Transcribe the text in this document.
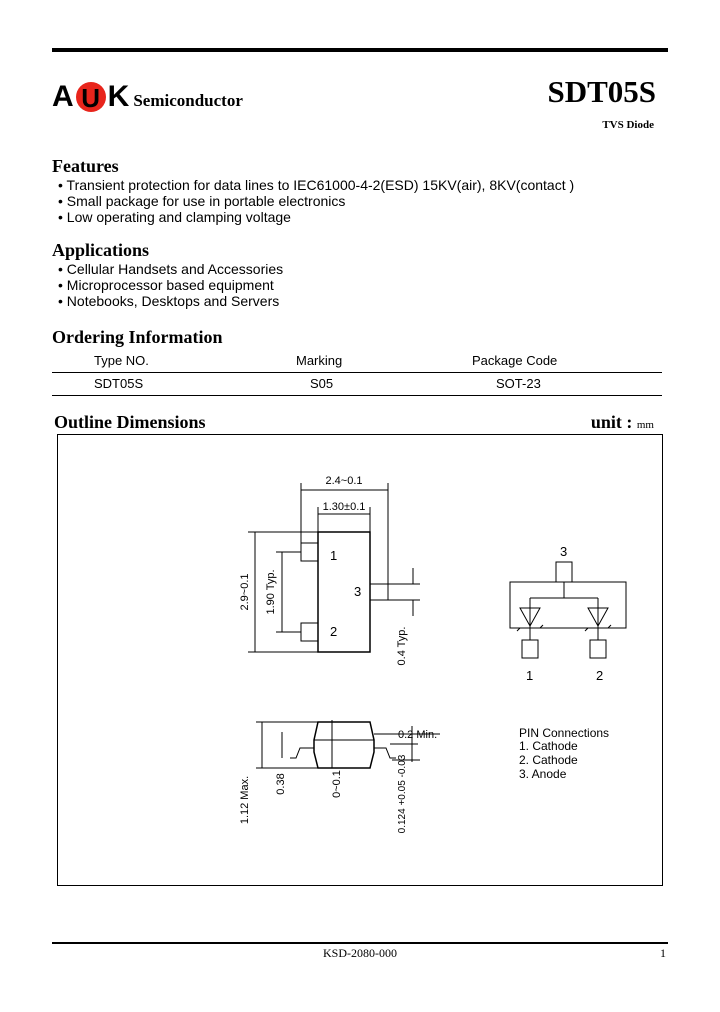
A U K Semiconductor	SDT05S
TVS Diode
Features
• Transient protection for data lines to IEC61000-4-2(ESD) 15KV(air), 8KV(contact )
• Small package for use in portable electronics
• Low operating and clamping voltage
Applications
• Cellular Handsets and Accessories
• Microprocessor based equipment
• Notebooks, Desktops and Servers
Ordering Information
Type NO.	Marking	Package Code
SDT05S	S05	SOT-23
Outline Dimensions	unit : mm
2.4~0.1
1.30±0.1
2.9~0.1 1.90 Typ.
0.4 Typ.
0.2 Min.
1.12 Max. 0.38	0~0.1	0.124 +0.05 -0.03
1
2
3
3
1	2
PIN Connections
1. Cathode
2. Cathode
3. Anode
KSD-2080-000	1
